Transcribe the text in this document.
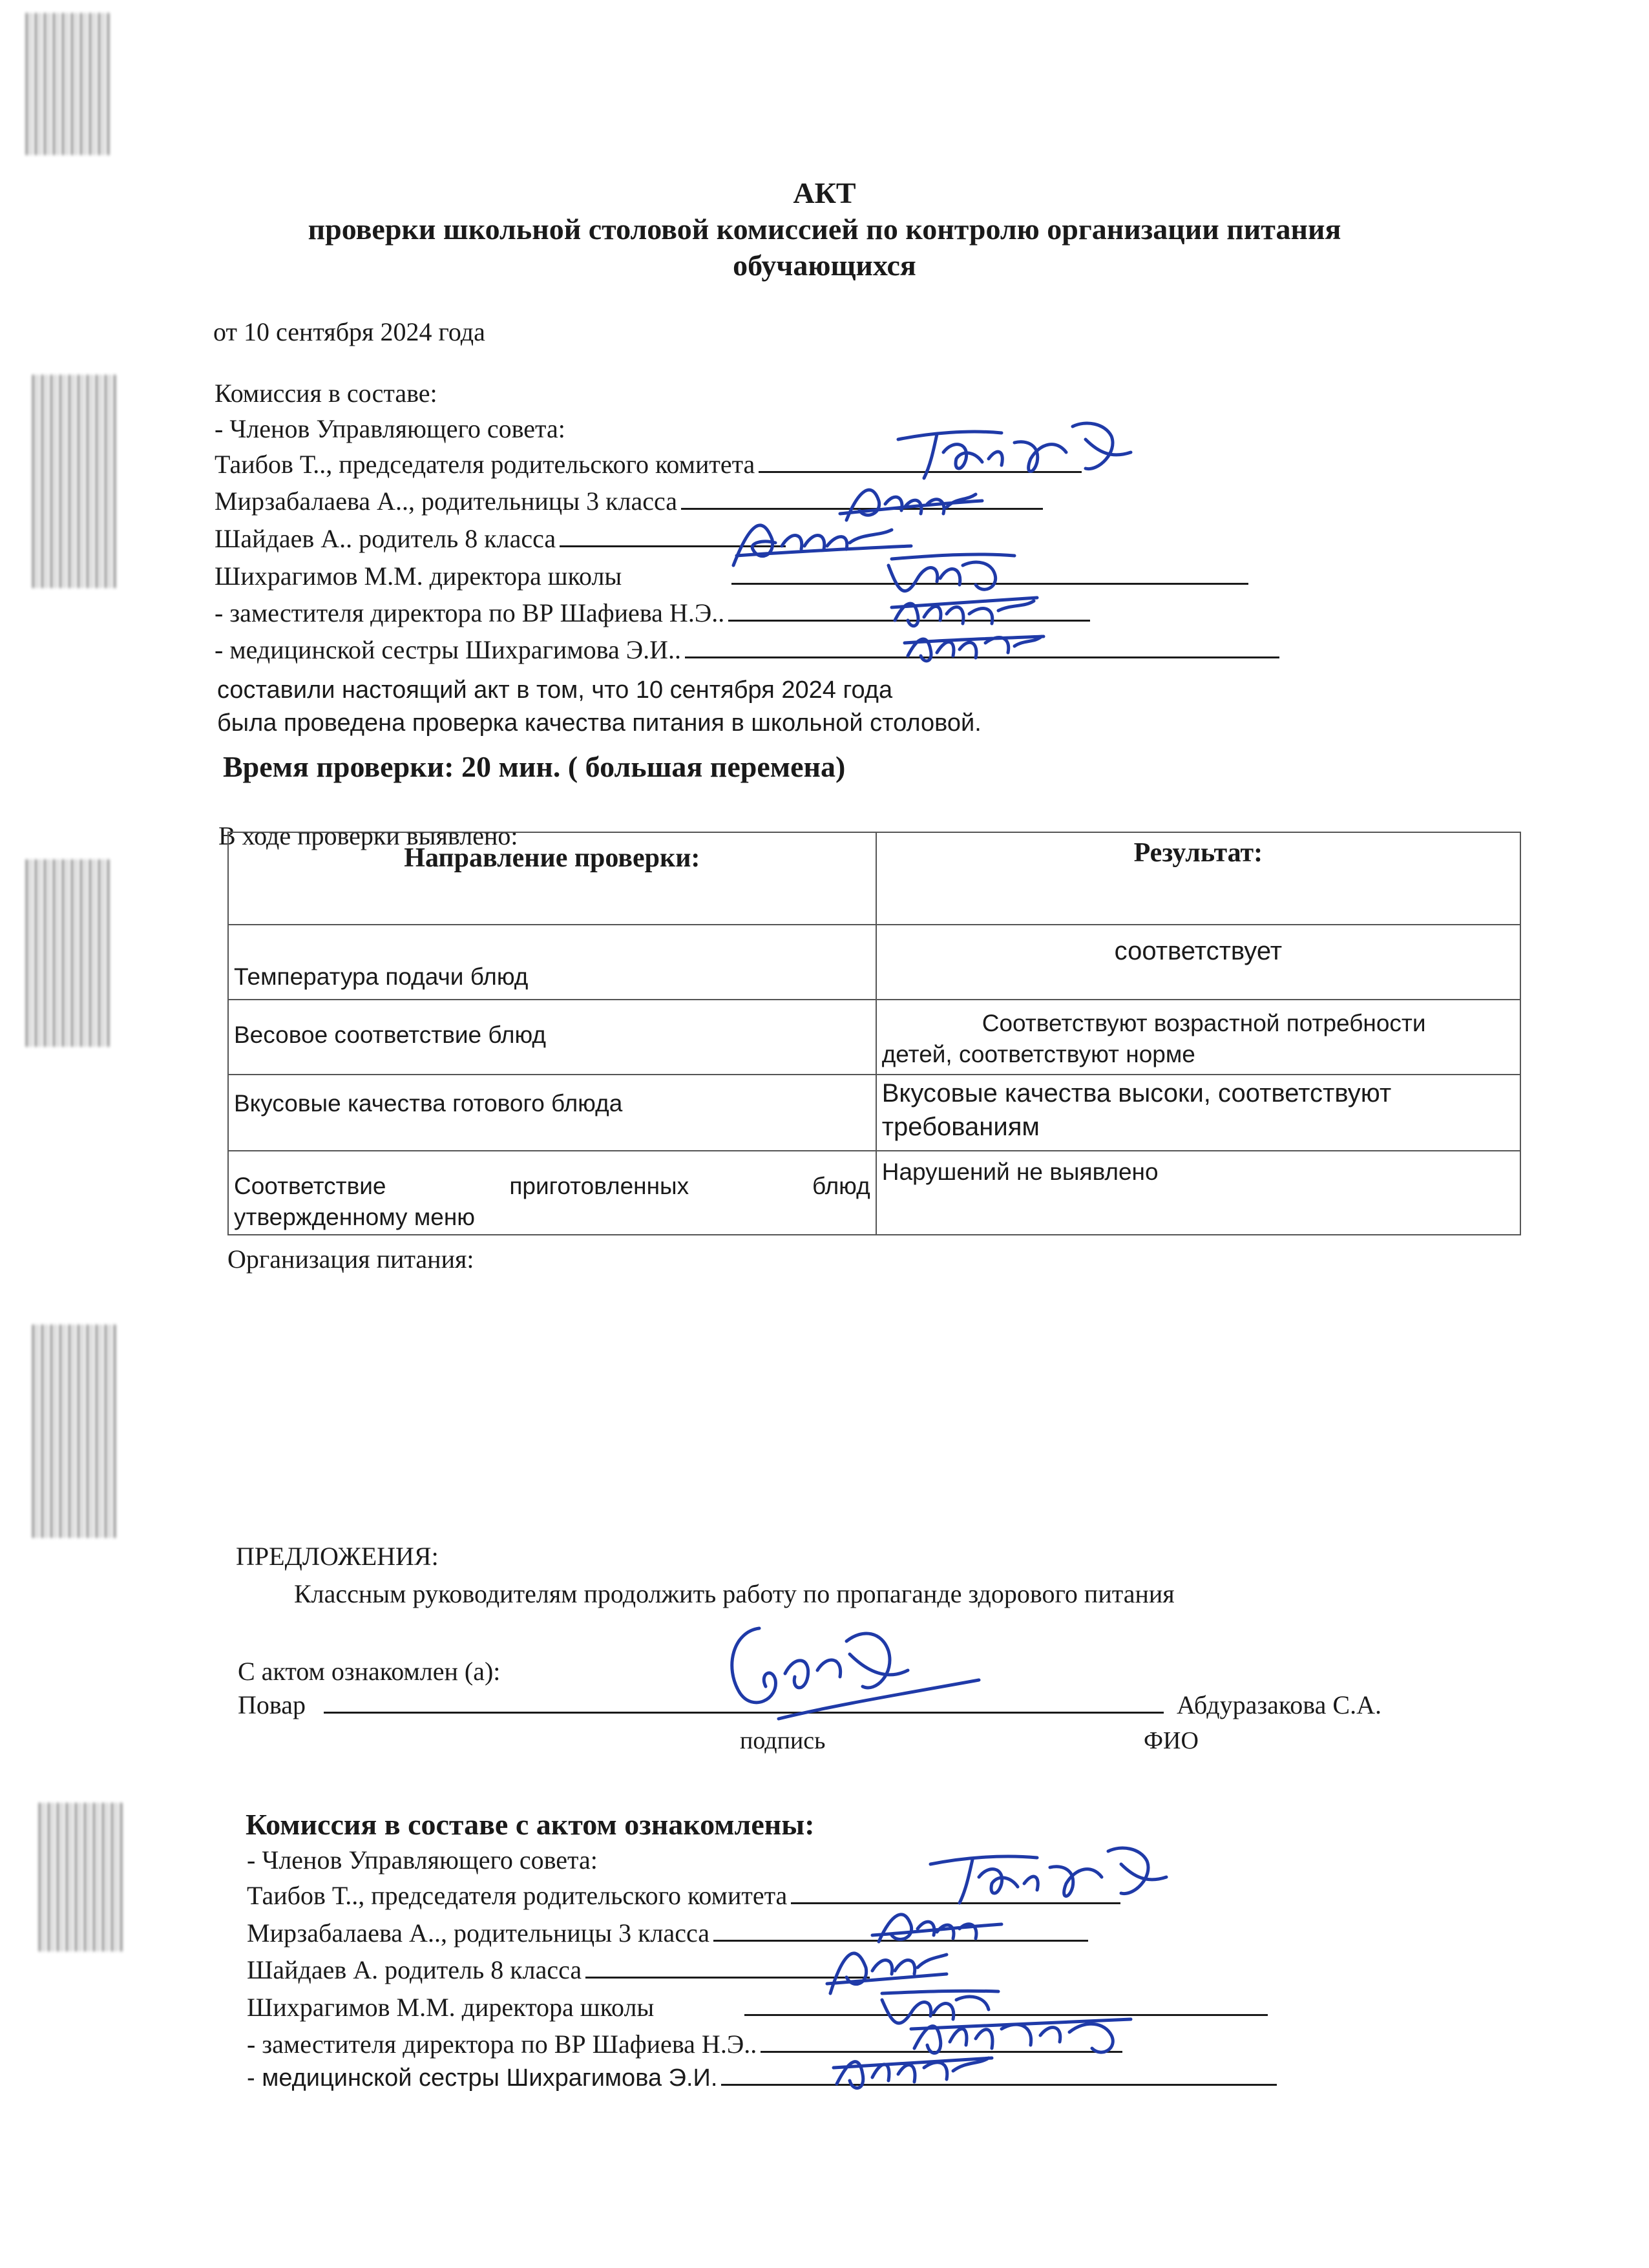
АКТ
проверки школьной столовой комиссией по контролю организации питания
обучающихся
от 10 сентября 2024 года
Комиссия в составе:
- Членов Управляющего совета:
Таибов Т.., председателя родительского комитета
Мирзабалаева А.., родительницы 3 класса
Шайдаев А.. родитель 8 класса
Шихрагимов М.М. директора школы
- заместителя директора по ВР Шафиева Н.Э..
- медицинской сестры Шихрагимова Э.И..
составили настоящий акт в том, что 10 сентября 2024 года
была проведена проверка качества питания в школьной столовой.
Время проверки: 20 мин. ( большая перемена)
В ходе проверки выявлено:
Направление проверки:	Результат:
Температура подачи блюд	соответствует
Весовое соответствие блюд	Соответствуют возрастной потребности
детей, соответствуют норме

Вкусовые качества готового блюда	Вкусовые качества высоки, соответствуют
требованиям

Соответствие приготовленных блюд
утвержденному меню	Нарушений не выявлено
Организация питания:
ПРЕДЛОЖЕНИЯ:
Классным руководителям продолжить работу по пропаганде здорового питания
С актом ознакомлен (а):
Повар	Абдуразакова С.А.
подпись	ФИО
Комиссия в составе с актом ознакомлены:
- Членов Управляющего совета:
Таибов Т.., председателя родительского комитета
Мирзабалаева А.., родительницы 3 класса
Шайдаев А. родитель 8 класса
Шихрагимов М.М. директора школы
- заместителя директора по ВР Шафиева Н.Э..
- медицинской сестры Шихрагимова Э.И.
